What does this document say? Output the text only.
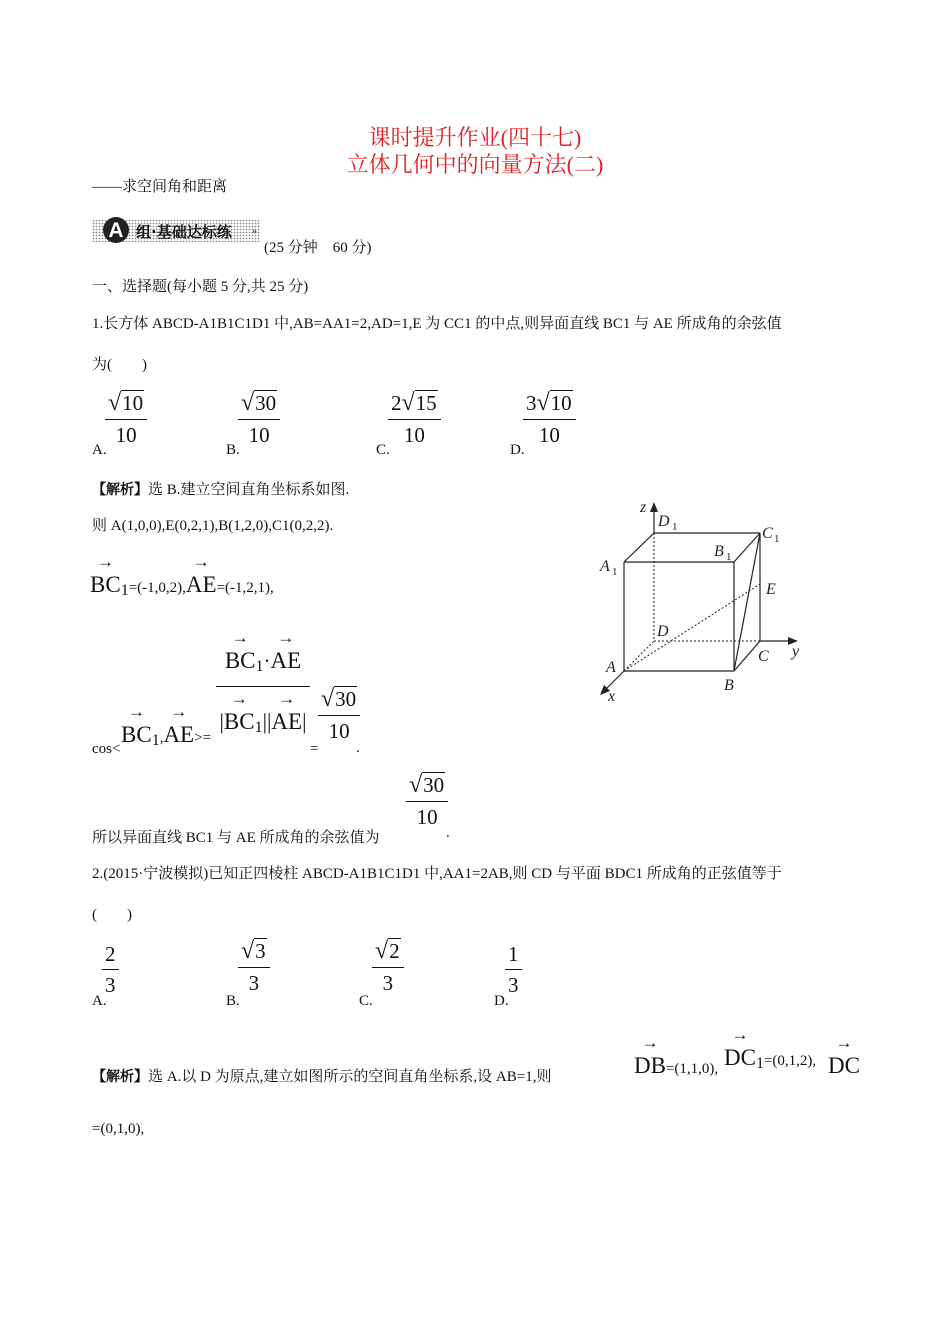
课时提升作业(四十七)
立体几何中的向量方法(二)
——求空间角和距离
A 组·基础达标练 »
(25 分钟　60 分)
一、选择题(每小题 5 分,共 25 分)
1.长方体 ABCD-A1B1C1D1 中,AB=AA1=2,AD=1,E 为 CC1 的中点,则异面直线 BC1 与 AE 所成角的余弦值
为(　　)
A.
$\frac{√10}{10}$
B.
$\frac{√30}{10}$
C.
$\frac{2√15}{10}$
D.
$\frac{3√10}{10}$
【解析】选 B.建立空间直角坐标系如图.
则 A(1,0,0),E(0,2,1),B(1,2,0),C1(0,2,2).
→
BC1=(-1,0,2),
→
AE=(-1,2,1),
cos<
→
BC1,
→
AE>=
→
BC1·
→
AE
|
→
BC1||
→
AE|
=
$\frac{√30}{10}$
.
$\frac{√30}{10}$
所以异面直线 BC1 与 AE 所成角的余弦值为	.
z
y
x
D 1	C 1
A 1
B 1
E
D
C
A
B
2.(2015·宁波模拟)已知正四棱柱 ABCD-A1B1C1D1 中,AA1=2AB,则 CD 与平面 BDC1 所成角的正弦值等于
(　　)
A.
$\frac{2}{3}$
B.
$\frac{√3}{3}$
C.
$\frac{√2}{3}$
D.
$\frac{1}{3}$
【解析】选 A.以 D 为原点,建立如图所示的空间直角坐标系,设 AB=1,则
→
DB=(1,1,0),
→
DC1=(0,1,2),
→
DC
=(0,1,0),
